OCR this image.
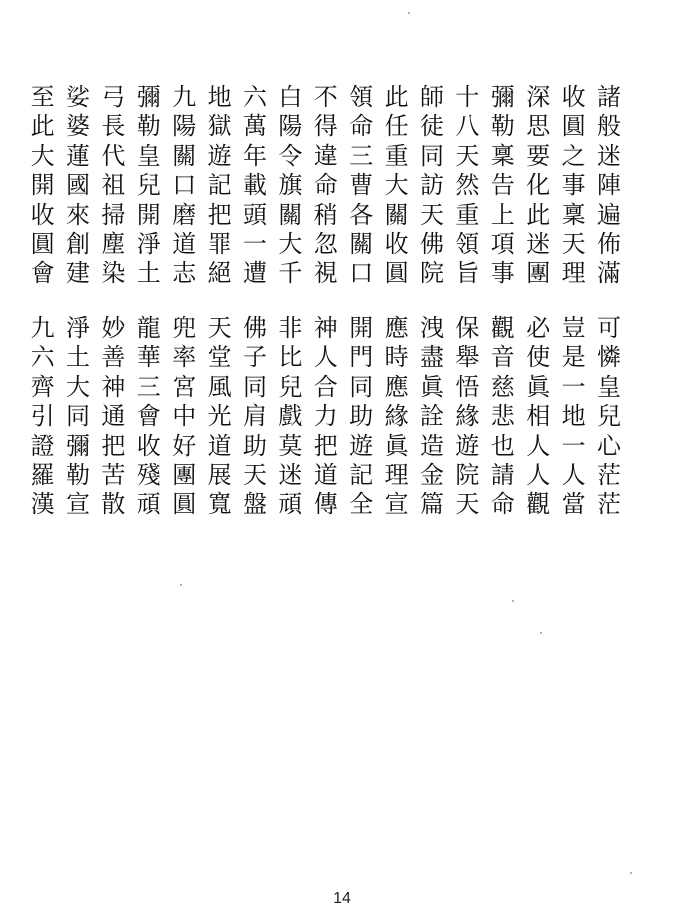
諸
般
迷
陣
遍
佈
滿
收
圓
之
事
稟
天
理
深
思
要
化
此
迷
團
彌
勒
稟
告
上
項
事
十
八
天
然
重
領
旨
師
徒
同
訪
天
佛
院
此
任
重
大
關
收
圓
領
命
三
曹
各
關
口
不
得
違
命
稍
忽
視
白
陽
令
旗
關
大
千
六
萬
年
載
頭
一
遭
地
獄
遊
記
把
罪
絕
九
陽
關
口
磨
道
志
彌
勒
皇
兒
開
淨
土
弓
長
代
祖
掃
塵
染
娑
婆
蓮
國
來
創
建
至
此
大
開
收
圓
會
可
憐
皇
兒
心
茫
茫
豈
是
一
地
一
人
當
必
使
眞
相
人
人
觀
觀
音
慈
悲
也
請
命
保
舉
悟
緣
遊
院
天
洩
盡
眞
詮
造
金
篇
應
時
應
緣
眞
理
宣
開
門
同
助
遊
記
全
神
人
合
力
把
道
傳
非
比
兒
戲
莫
迷
頑
佛
子
同
肩
助
天
盤
天
堂
風
光
道
展
寬
兜
率
宮
中
好
團
圓
龍
華
三
會
收
殘
頑
妙
善
神
通
把
苦
散
淨
土
大
同
彌
勒
宣
九
六
齊
引
證
羅
漢
14
